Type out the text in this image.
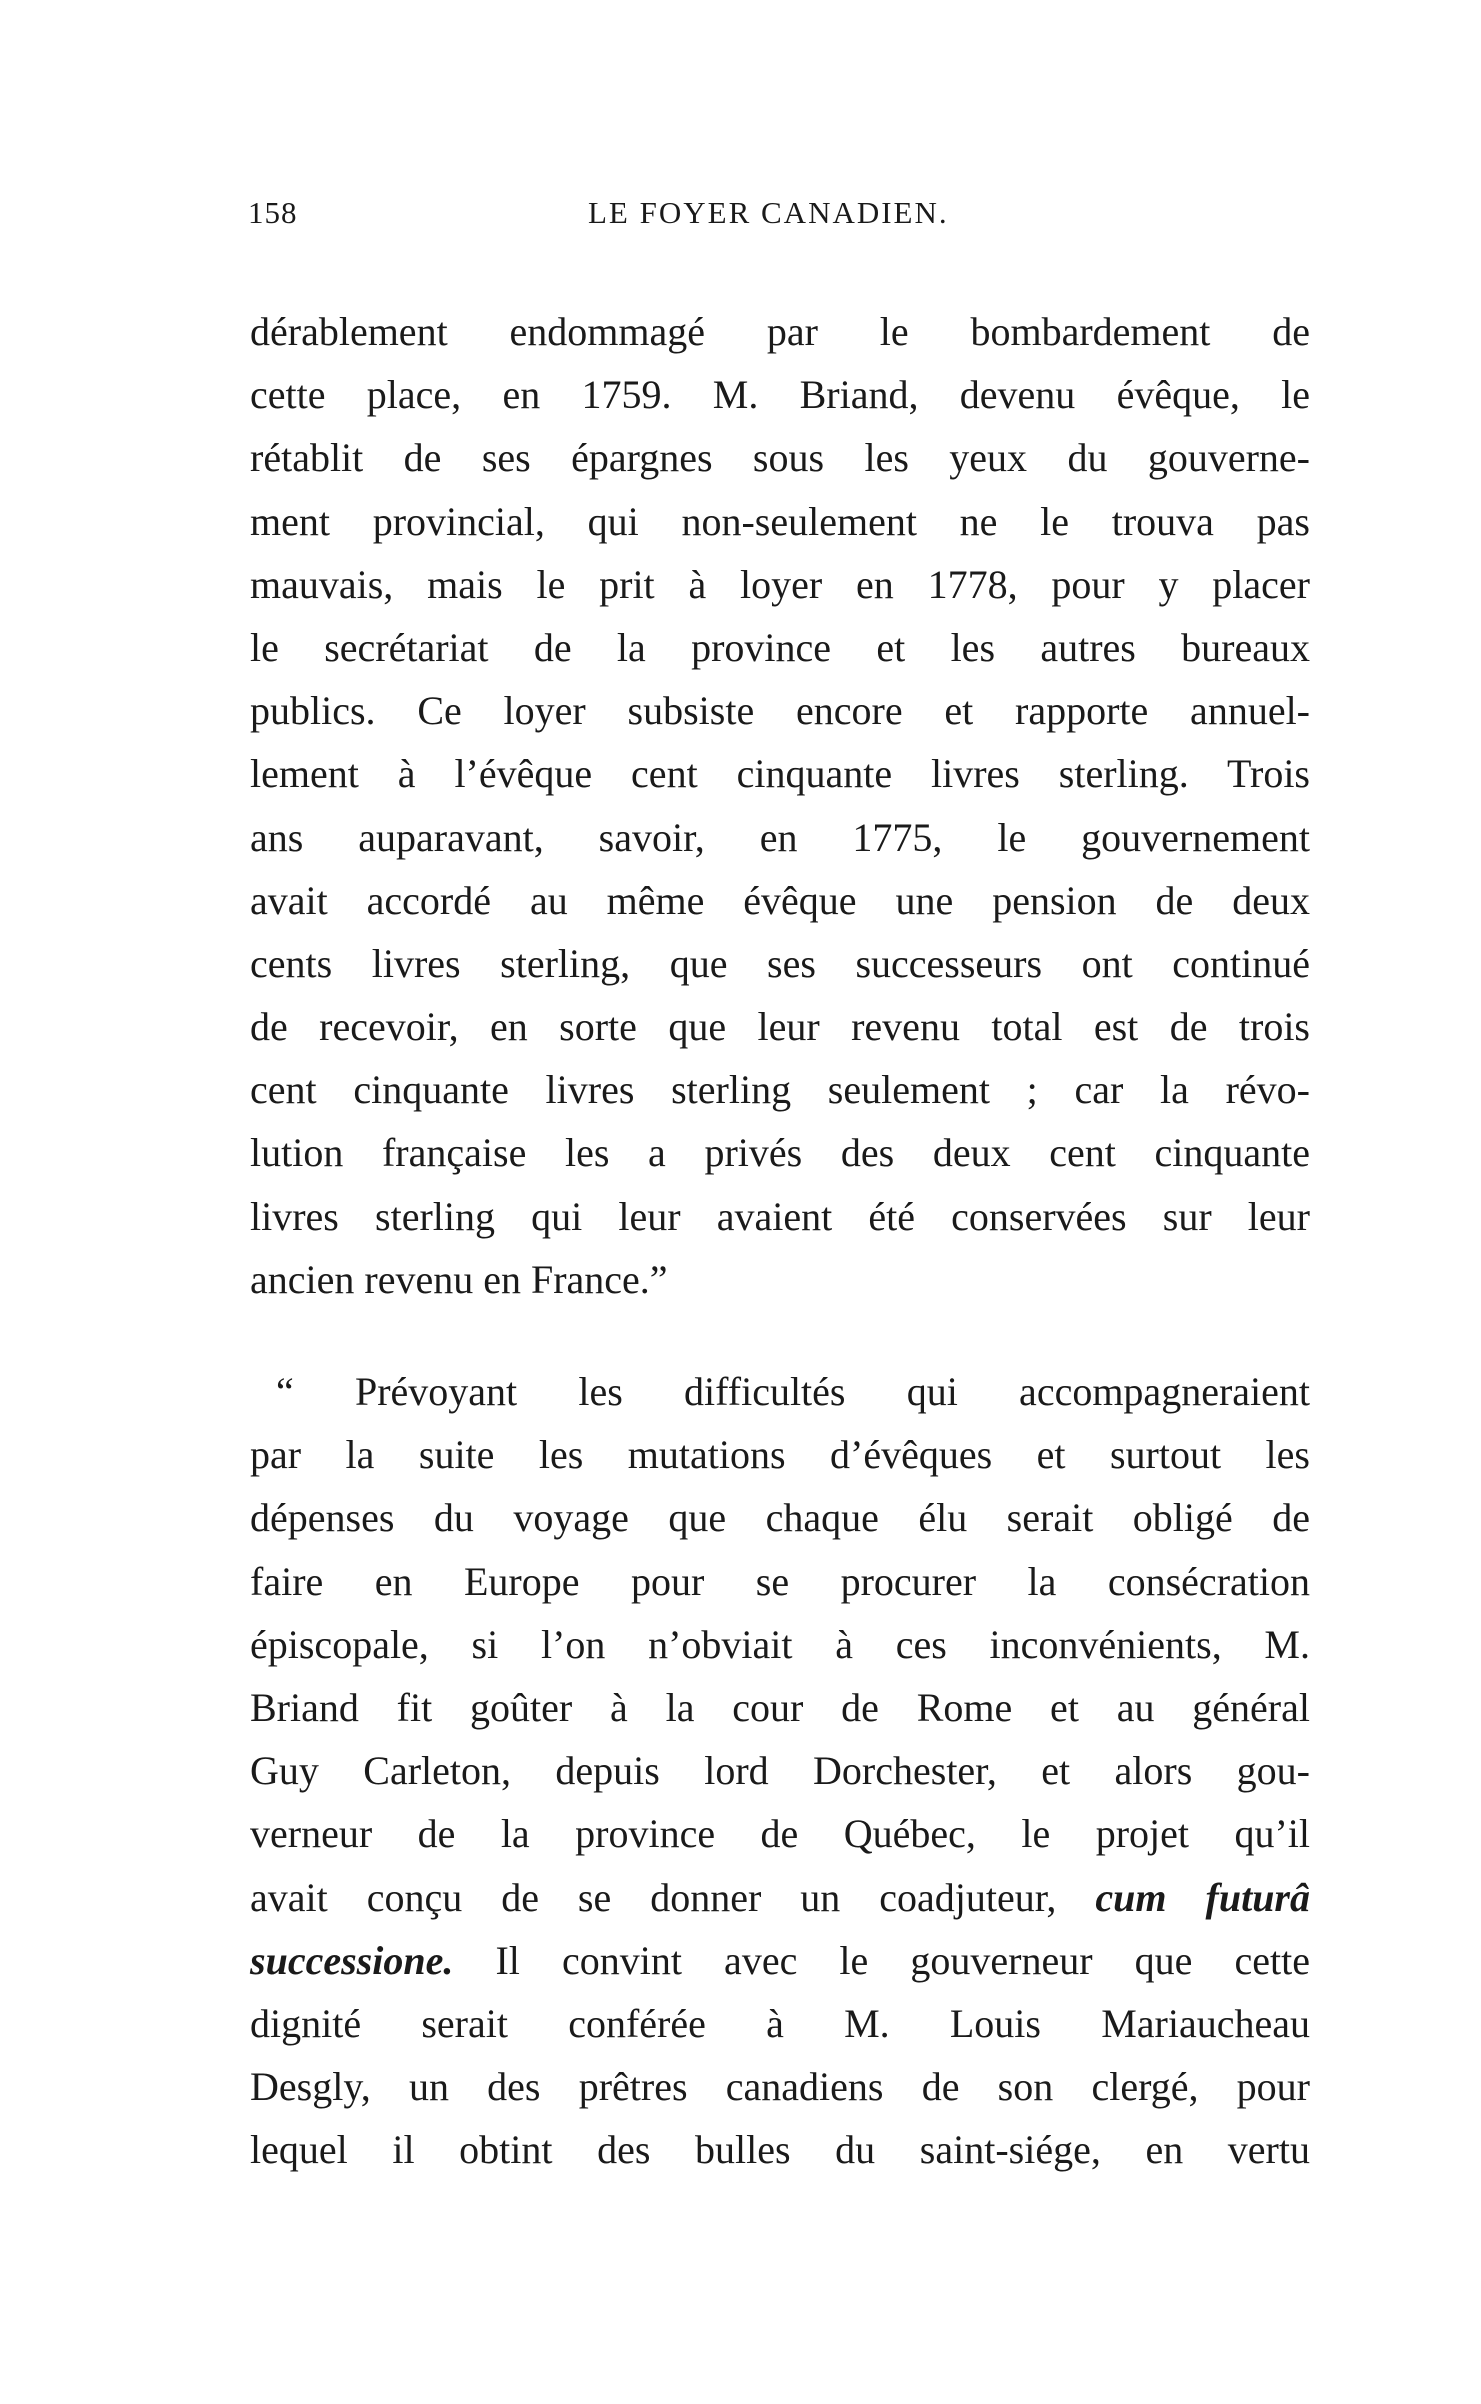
158	LE FOYER CANADIEN.
dérablement endommagé par le bombardement de
cette place, en 1759. M. Briand, devenu évêque, le
rétablit de ses épargnes sous les yeux du gouverne-
ment provincial, qui non-seulement ne le trouva pas
mauvais, mais le prit à loyer en 1778, pour y placer
le secrétariat de la province et les autres bureaux
publics. Ce loyer subsiste encore et rapporte annuel-
lement à l’évêque cent cinquante livres sterling. Trois
ans auparavant, savoir, en 1775, le gouvernement
avait accordé au même évêque une pension de deux
cents livres sterling, que ses successeurs ont continué
de recevoir, en sorte que leur revenu total est de trois
cent cinquante livres sterling seulement ; car la révo-
lution française les a privés des deux cent cinquante
livres sterling qui leur avaient été conservées sur leur
ancien revenu en France.”
“ Prévoyant les difficultés qui accompagneraient
par la suite les mutations d’évêques et surtout les
dépenses du voyage que chaque élu serait obligé de
faire en Europe pour se procurer la consécration
épiscopale, si l’on n’obviait à ces inconvénients, M.
Briand fit goûter à la cour de Rome et au général
Guy Carleton, depuis lord Dorchester, et alors gou-
verneur de la province de Québec, le projet qu’il
avait conçu de se donner un coadjuteur, cum futurâ
successione. Il convint avec le gouverneur que cette
dignité serait conférée à M. Louis Mariaucheau
Desgly, un des prêtres canadiens de son clergé, pour
lequel il obtint des bulles du saint-siége, en vertu
